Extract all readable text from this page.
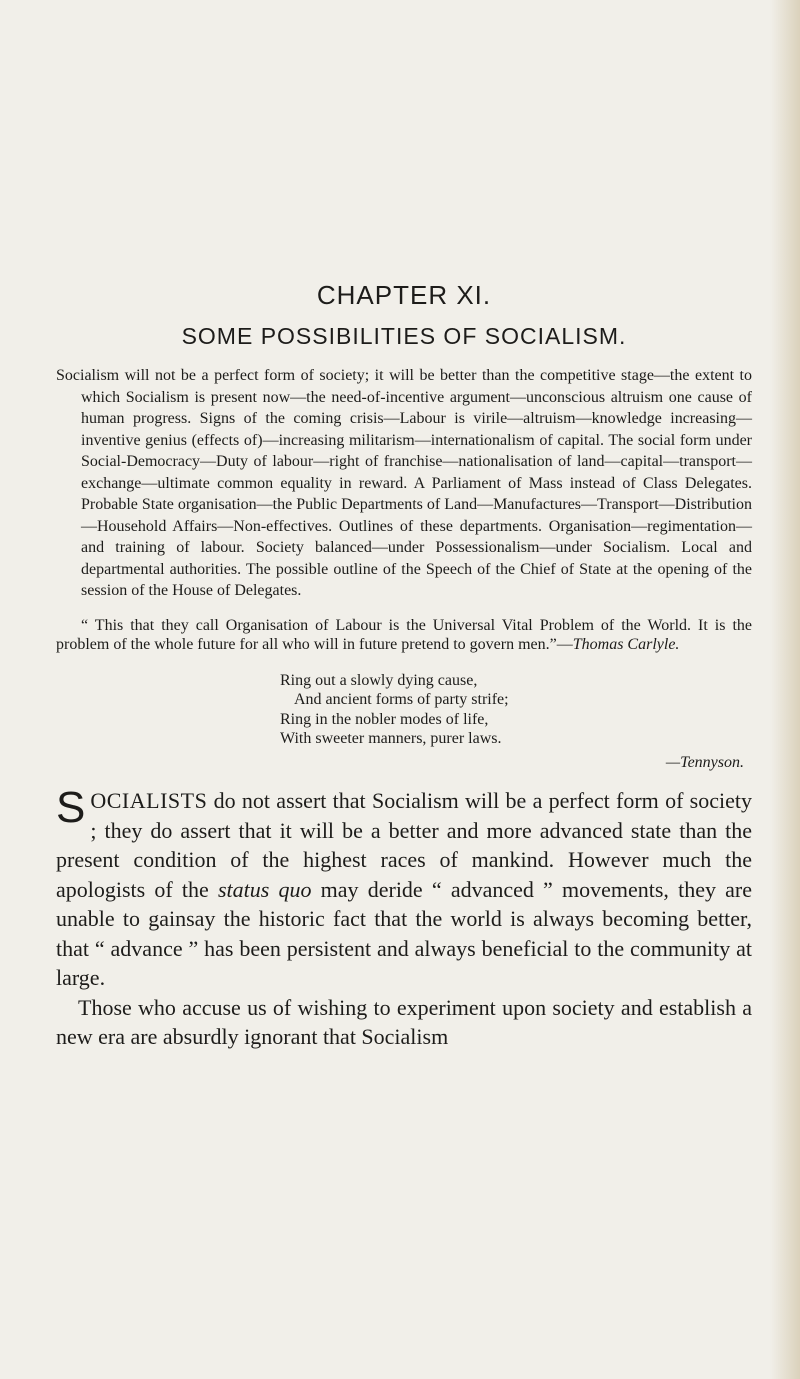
CHAPTER XI.
SOME POSSIBILITIES OF SOCIALISM.

Socialism will not be a perfect form of society; it will be better than the competitive stage—the extent to which Socialism is present now—the need-of-incentive argument—unconscious altruism one cause of human progress. Signs of the coming crisis—Labour is virile—altruism—knowledge increasing—inventive genius (effects of)—increasing militarism—internationalism of capital. The social form under Social-Democracy—Duty of labour—right of franchise—nationalisation of land—capital—transport—exchange—ultimate common equality in reward. A Parliament of Mass instead of Class Delegates. Probable State organisation—the Public Departments of Land—Manufactures—Transport—Distribution—Household Affairs—Non-effectives. Outlines of these departments. Organisation—regimentation—and training of labour. Society balanced—under Possessionalism—under Socialism. Local and departmental authorities. The possible outline of the Speech of the Chief of State at the opening of the session of the House of Delegates.

“ This that they call Organisation of Labour is the Universal Vital Problem of the World. It is the problem of the whole future for all who will in future pretend to govern men.”—Thomas Carlyle.

Ring out a slowly dying cause,
And ancient forms of party strife;
Ring in the nobler modes of life,
With sweeter manners, purer laws.
—Tennyson.

SOCIALISTS do not assert that Socialism will be a perfect form of society ; they do assert that it will be a better and more advanced state than the present condition of the highest races of mankind. However much the apologists of the status quo may deride “ advanced ” movements, they are unable to gainsay the historic fact that the world is always becoming better, that “ advance ” has been persistent and always beneficial to the community at large.

Those who accuse us of wishing to experiment upon society and establish a new era are absurdly ignorant that Socialism
